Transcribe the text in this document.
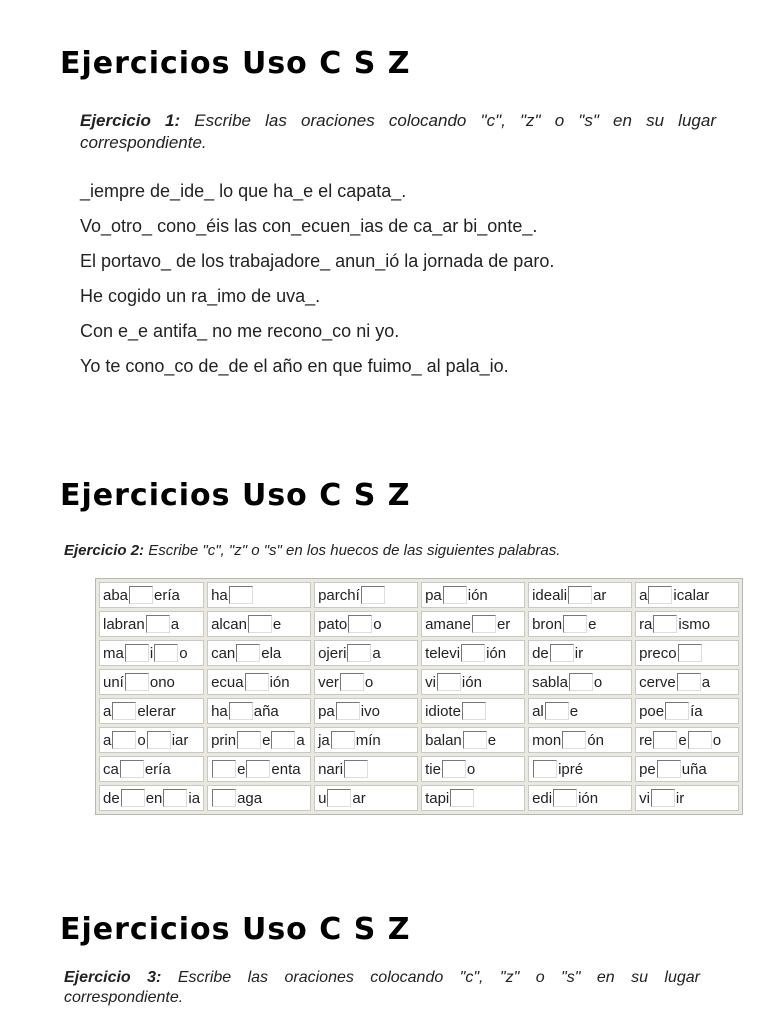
Ejercicios Uso C S Z

Ejercicio 1: Escribe las oraciones colocando "c", "z" o "s" en su lugar
correspondiente.

_iempre de_ide_ lo que ha_e el capata_.
Vo_otro_ cono_éis las con_ecuen_ias de ca_ar bi_onte_.
El portavo_ de los trabajadore_ anun_ió la jornada de paro.
He cogido un ra_imo de uva_.
Con e_e antifa_ no me recono_co ni yo.
Yo te cono_co de_de el año en que fuimo_ al pala_io.
Ejercicios Uso C S Z

Ejercicio 2: Escribe "c", "z" o "s" en los huecos de las siguientes palabras.

aba ería	ha	parchí	pa ión	ideali ar	a icalar
labran a	alcan e	pato o	amane er	bron e	ra ismo
ma i o	can ela	ojeri a	televi ión	de ir	preco
uní ono	ecua ión	ver o	vi ión	sabla o	cerve a
a elerar	ha aña	pa ivo	idiote	al e	poe ía
a o iar	prin e a	ja mín	balan e	mon ón	re e o
ca ería	e enta	nari	tie o	ipré	pe uña
de en ia	aga	u ar	tapi	edi ión	vi ir
Ejercicios Uso C S Z

Ejercicio 3: Escribe las oraciones colocando "c", "z" o "s" en su lugar
correspondiente.
